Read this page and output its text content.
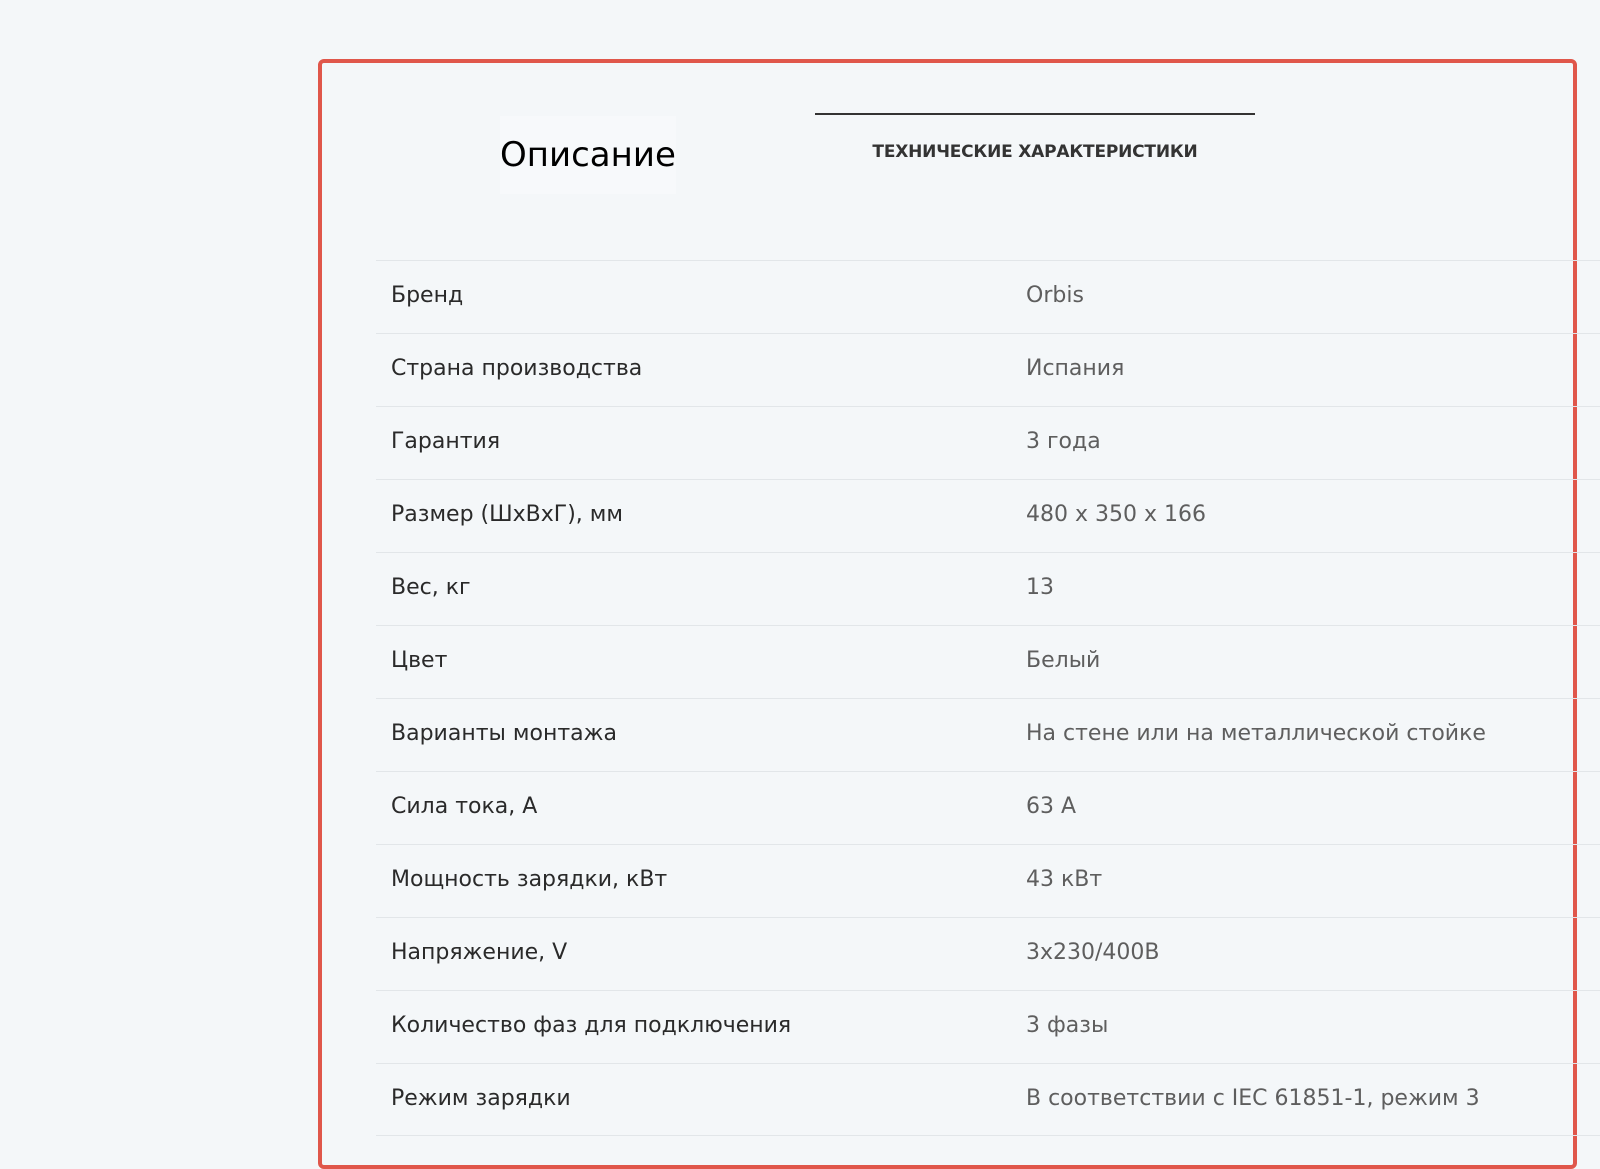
Описание	ТЕХНИЧЕСКИЕ ХАРАКТЕРИСТИКИ
Бренд	Orbis
Страна производства	Испания
Гарантия	3 года
Размер (ШхВхГ), мм	480 х 350 х 166
Вес, кг	13
Цвет	Белый
Варианты монтажа	На стене или на металлической стойке
Сила тока, А	63 А
Мощность зарядки, кВт	43 кВт
Напряжение, V	3х230/400В
Количество фаз для подключения	3 фазы
Режим зарядки	В соответствии с IEC 61851-1, режим 3
